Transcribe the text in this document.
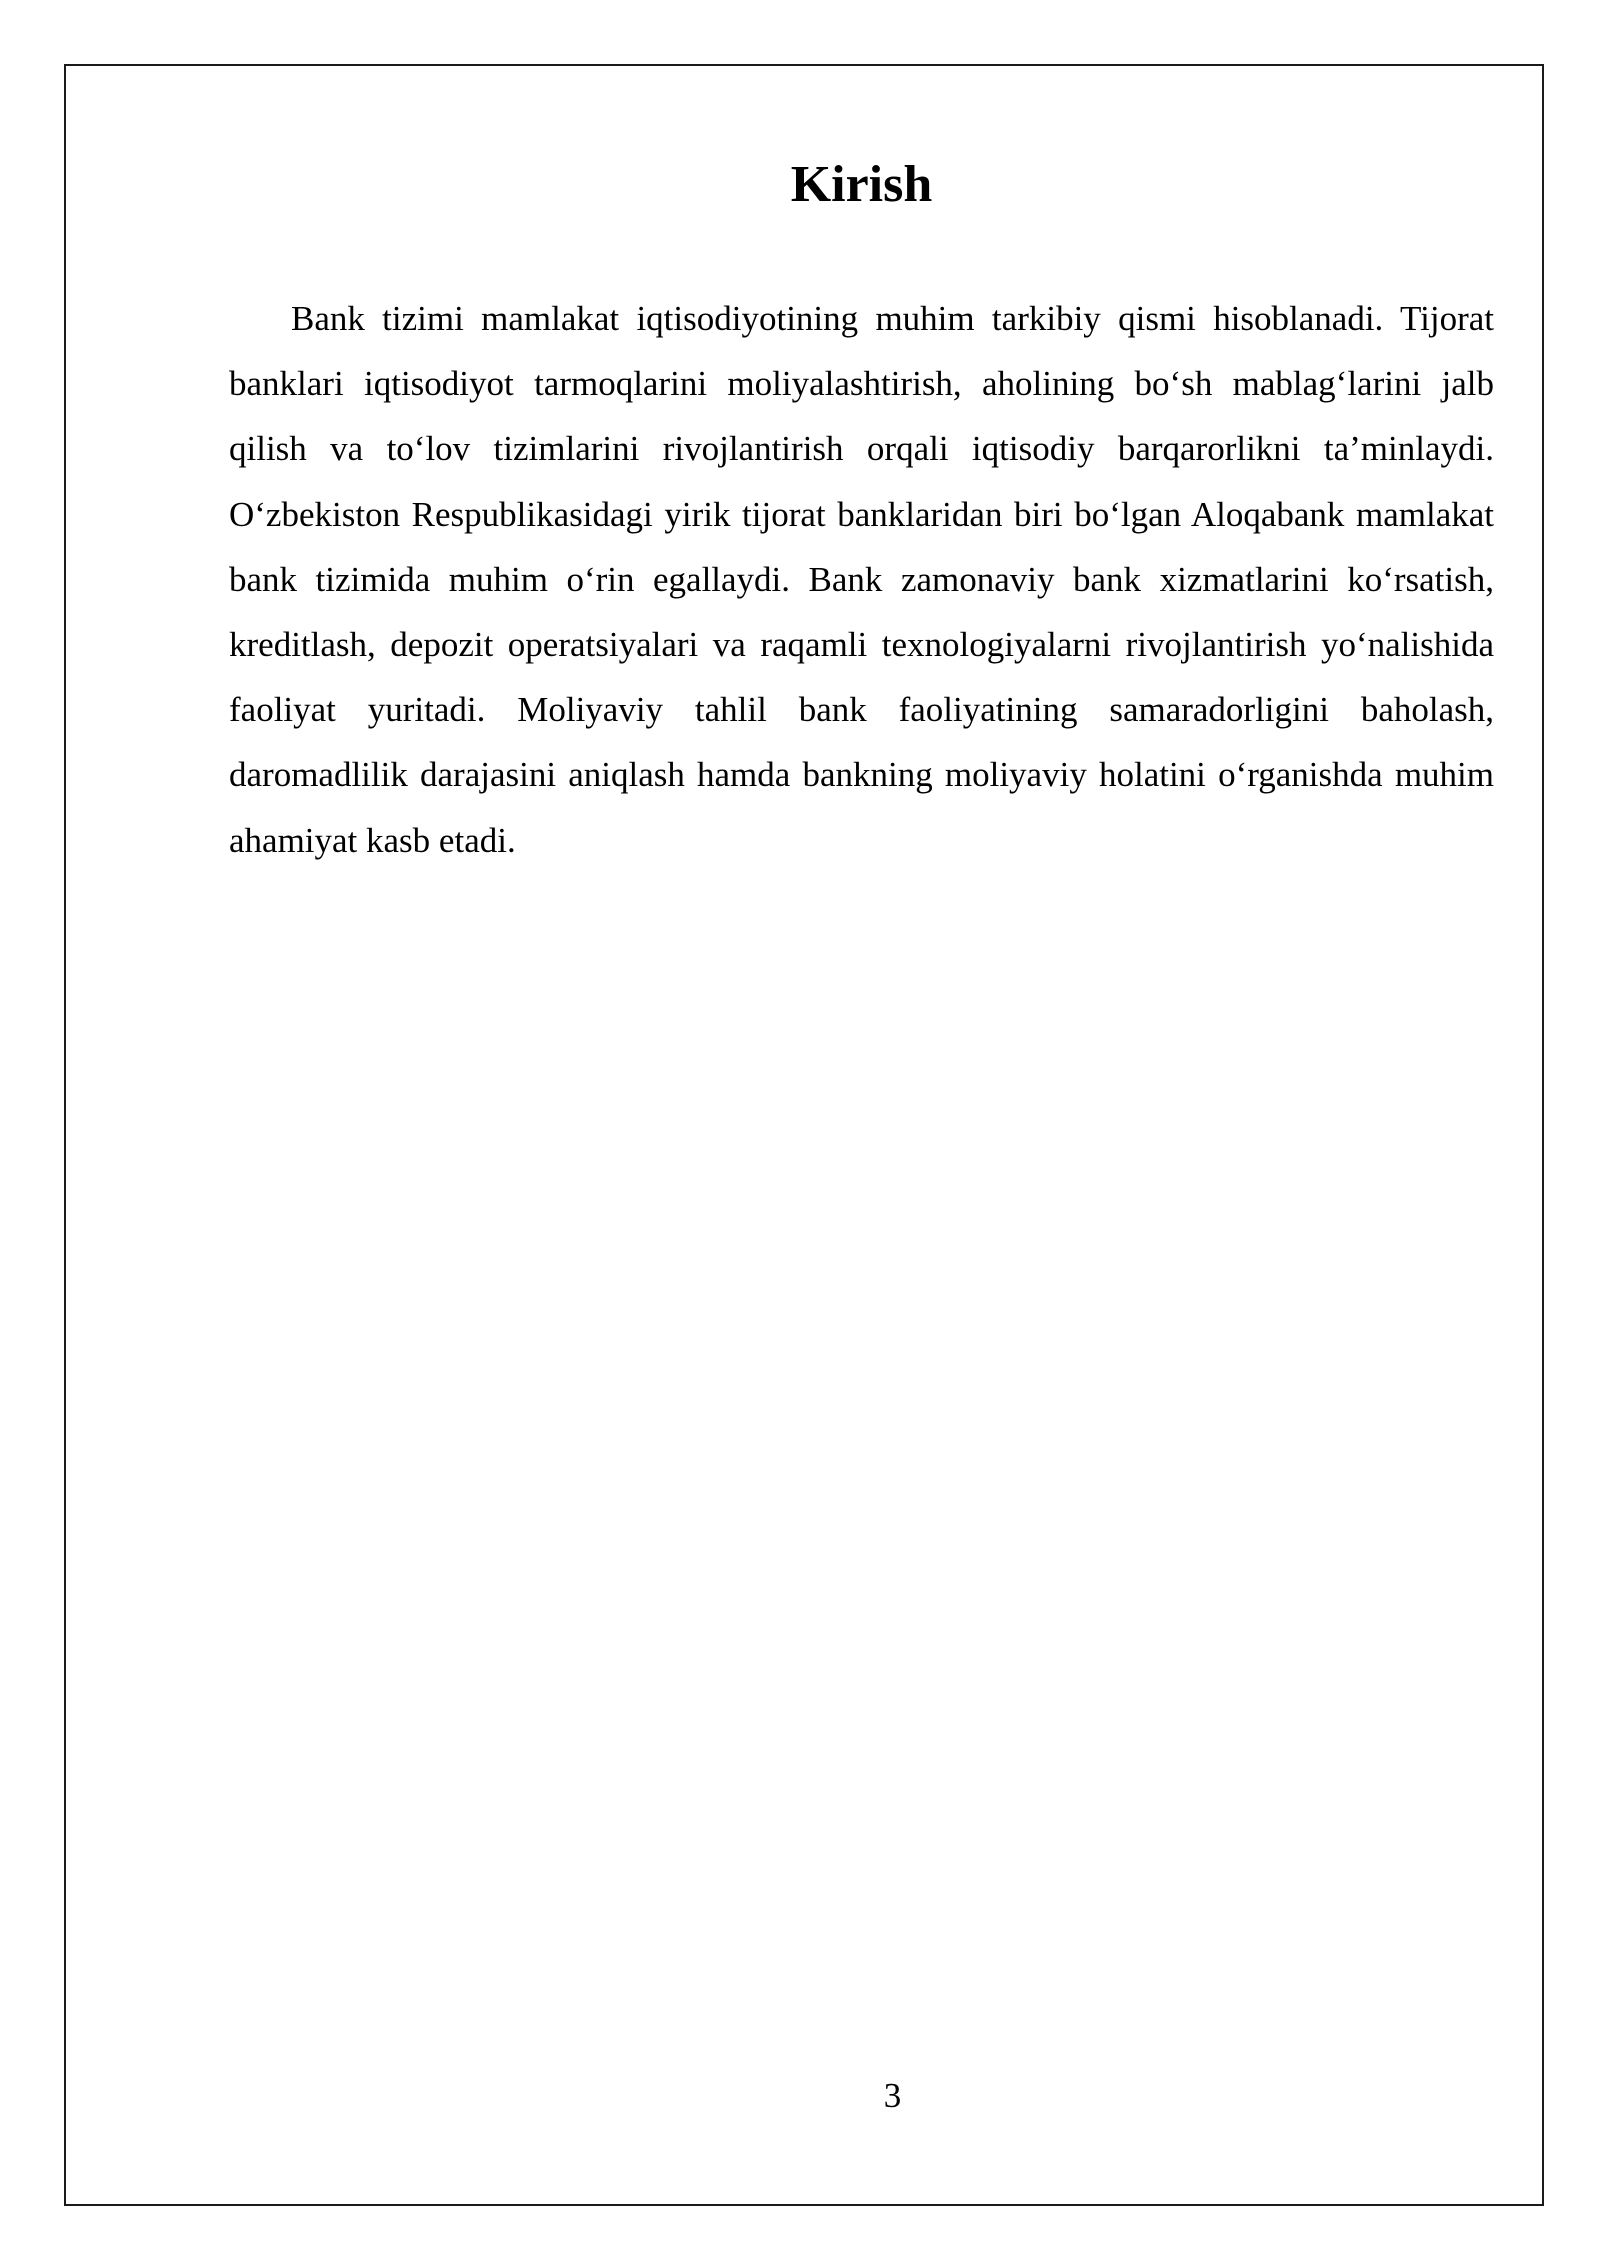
Kirish

Bank tizimi mamlakat iqtisodiyotining muhim tarkibiy qismi hisoblanadi. Tijorat banklari iqtisodiyot tarmoqlarini moliyalashtirish, aholining bo‘sh mablag‘larini jalb qilish va to‘lov tizimlarini rivojlantirish orqali iqtisodiy barqarorlikni ta’minlaydi. O‘zbekiston Respublikasidagi yirik tijorat banklaridan biri bo‘lgan Aloqabank mamlakat bank tizimida muhim o‘rin egallaydi. Bank zamonaviy bank xizmatlarini ko‘rsatish, kreditlash, depozit operatsiyalari va raqamli texnologiyalarni rivojlantirish yo‘nalishida faoliyat yuritadi. Moliyaviy tahlil bank faoliyatining samaradorligini baholash, daromadlilik darajasini aniqlash hamda bankning moliyaviy holatini o‘rganishda muhim ahamiyat kasb etadi.

3
